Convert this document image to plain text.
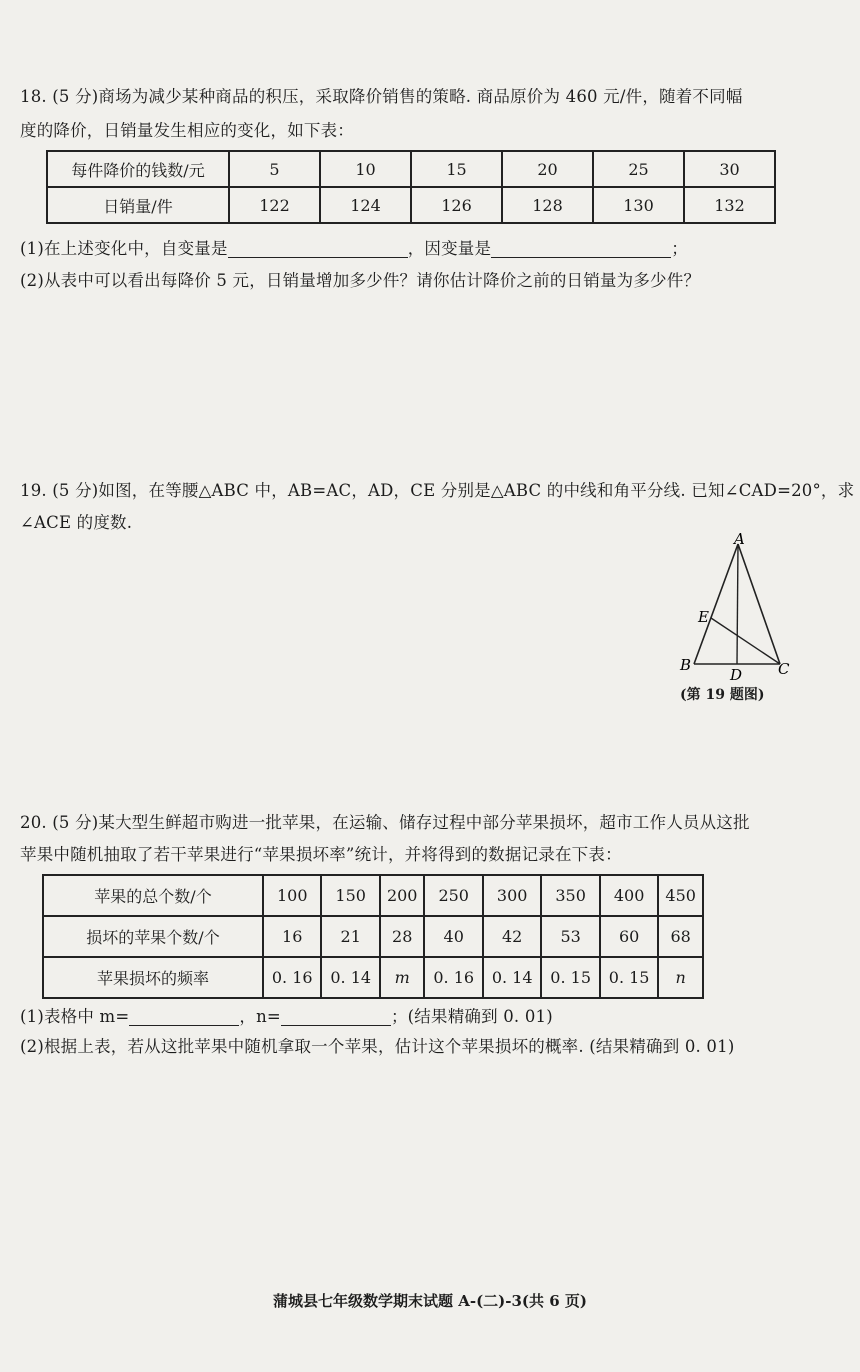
18. (5 分)商场为减少某种商品的积压，采取降价销售的策略. 商品原价为 460 元/件，随着不同幅
度的降价，日销量发生相应的变化，如下表：
每件降价的钱数/元	5	10	15	20	25	30
日销量/件	122	124	126	128	130	132
(1)在上述变化中，自变量是	，因变量是	；
(2)从表中可以看出每降价 5 元，日销量增加多少件？请你估计降价之前的日销量为多少件？
19. (5 分)如图，在等腰△ABC 中，AB=AC，AD，CE 分别是△ABC 的中线和角平分线. 已知∠CAD=20°，求
∠ACE 的度数.
A
B	C
D
E
(第 19 题图)
20. (5 分)某大型生鲜超市购进一批苹果，在运输、储存过程中部分苹果损坏，超市工作人员从这批
苹果中随机抽取了若干苹果进行“苹果损坏率”统计，并将得到的数据记录在下表：
苹果的总个数/个	100	150	200	250	300	350	400	450
损坏的苹果个数/个	16	21	28	40	42	53	60	68
苹果损坏的频率	0. 16	0. 14	m	0. 16	0. 14	0. 15	0. 15	n
(1)表格中 m=	，n=	；(结果精确到 0. 01)
(2)根据上表，若从这批苹果中随机拿取一个苹果，估计这个苹果损坏的概率. (结果精确到 0. 01)
蒲城县七年级数学期末试题 A-(二)-3(共 6 页)
